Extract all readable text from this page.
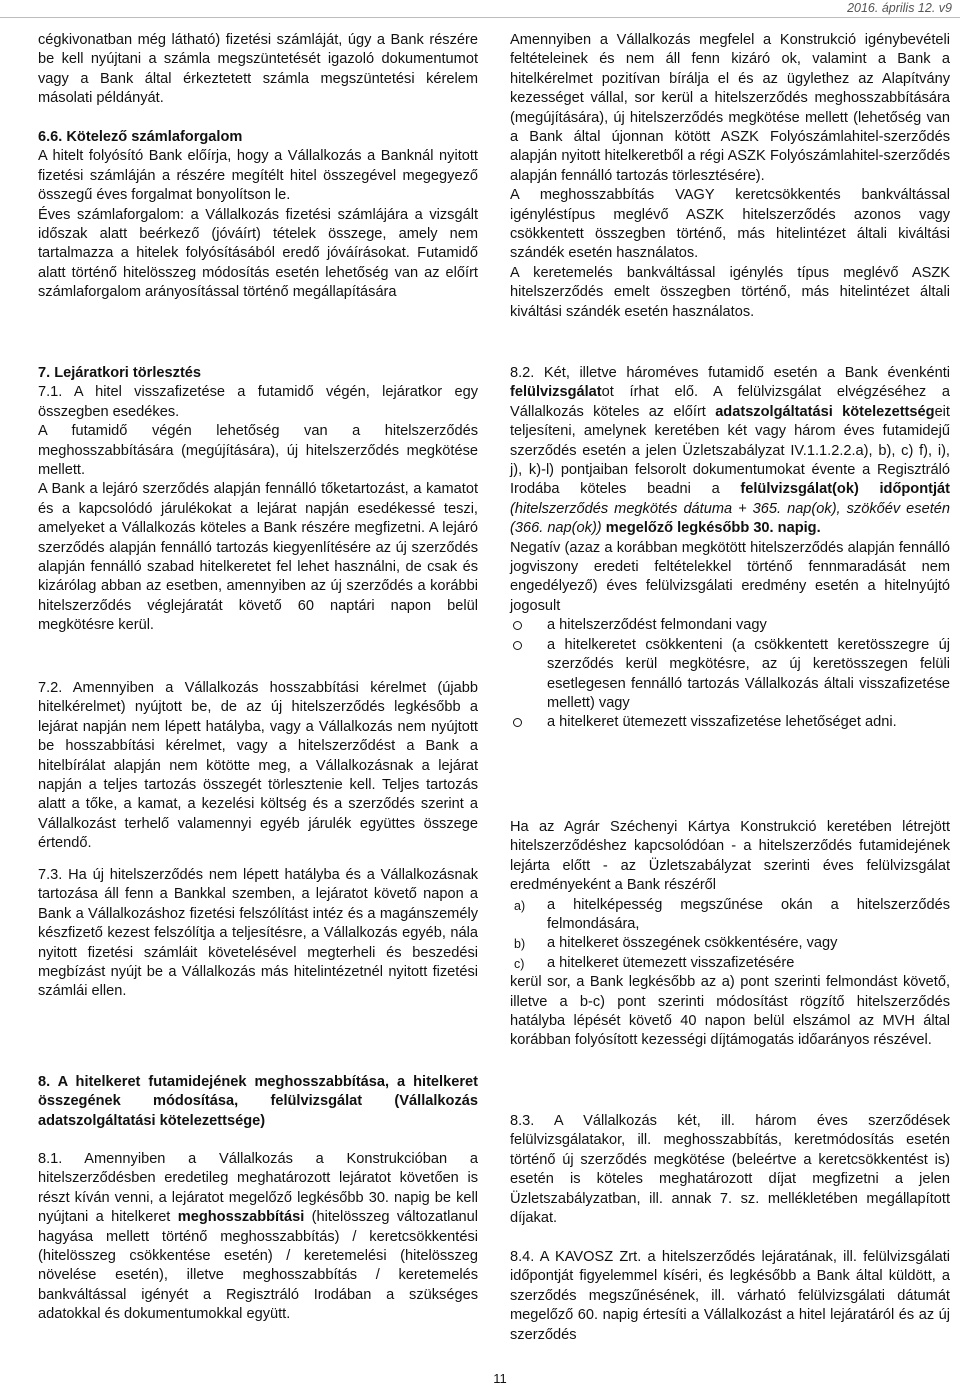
2016. április 12. v9

cégkivonatban még látható) fizetési számláját, úgy a Bank részére be kell nyújtani a számla megszüntetését igazoló dokumentumot vagy a Bank által érkeztetett számla megszüntetési kérelem másolati példányát.

6.6. Kötelező számlaforgalom

A hitelt folyósító Bank előírja, hogy a Vállalkozás a Banknál nyitott fizetési számláján a részére megítélt hitel összegével megegyező összegű éves forgalmat bonyolítson le.

Éves számlaforgalom: a Vállalkozás fizetési számlájára a vizsgált időszak alatt beérkező (jóváírt) tételek összege, amely nem tartalmazza a hitelek folyósításából eredő jóváírásokat. Futamidő alatt történő hitelösszeg módosítás esetén lehetőség van az előírt számlaforgalom arányosítással történő megállapítására

7. Lejáratkori törlesztés

7.1. A hitel visszafizetése a futamidő végén, lejáratkor egy összegben esedékes.

A futamidő végén lehetőség van a hitelszerződés meghosszabbítására (megújítására), új hitelszerződés megkötése mellett.

A Bank a lejáró szerződés alapján fennálló tőketartozást, a kamatot és a kapcsolódó járulékokat a lejárat napján esedékessé teszi, amelyeket a Vállalkozás köteles a Bank részére megfizetni. A lejáró szerződés alapján fennálló tartozás kiegyenlítésére az új szerződés alapján fennálló szabad hitelkeretet fel lehet használni, de csak és kizárólag abban az esetben, amennyiben az új szerződés a korábbi hitelszerződés véglejáratát követő 60 naptári napon belül megkötésre kerül.

7.2. Amennyiben a Vállalkozás hosszabbítási kérelmet (újabb hitelkérelmet) nyújtott be, de az új hitelszerződés legkésőbb a lejárat napján nem lépett hatályba, vagy a Vállalkozás nem nyújtott be hosszabbítási kérelmet, vagy a hitelszerződést a Bank a hitelbírálat alapján nem kötötte meg, a Vállalkozásnak a lejárat napján a teljes tartozás összegét törlesztenie kell. Teljes tartozás alatt a tőke, a kamat, a kezelési költség és a szerződés szerint a Vállalkozást terhelő valamennyi egyéb járulék együttes összege értendő.

7.3. Ha új hitelszerződés nem lépett hatályba és a Vállalkozásnak tartozása áll fenn a Bankkal szemben, a lejáratot követő napon a Bank a Vállalkozáshoz fizetési felszólítást intéz és a magánszemély készfizető kezest felszólítja a teljesítésre, a Vállalkozás egyéb, nála nyitott fizetési számláit követelésével megterheli és beszedési megbízást nyújt be a Vállalkozás más hitelintézetnél nyitott fizetési számlái ellen.

8. A hitelkeret futamidejének meghosszabbítása, a hitelkeret összegének módosítása, felülvizsgálat (Vállalkozás adatszolgáltatási kötelezettsége)

8.1. Amennyiben a Vállalkozás a Konstrukcióban a hitelszerződésben eredetileg meghatározott lejáratot követően is részt kíván venni, a lejáratot megelőző legkésőbb 30. napig be kell nyújtani a hitelkeret meghosszabbítási (hitelösszeg változatlanul hagyása mellett történő meghosszabbítás) / keretcsökkentési (hitelösszeg csökkentése esetén) / keretemelési (hitelösszeg növelése esetén), illetve meghosszabbítás / keretemelés bankváltással igényét a Regisztráló Irodában a szükséges adatokkal és dokumentumokkal együtt.

Amennyiben a Vállalkozás megfelel a Konstrukció igénybevételi feltételeinek és nem áll fenn kizáró ok, valamint a Bank a hitelkérelmet pozitívan bírálja el és az ügylethez az Alapítvány kezességet vállal, sor kerül a hitelszerződés meghosszabbítására (megújítására), új hitelszerződés megkötése mellett (lehetőség van a Bank által újonnan kötött ASZK Folyószámlahitel-szerződés alapján nyitott hitelkeretből a régi ASZK Folyószámlahitel-szerződés alapján fennálló tartozás törlesztésére).

A meghosszabbítás VAGY keretcsökkentés bankváltással igényléstípus meglévő ASZK hitelszerződés azonos vagy csökkentett összegben történő, más hitelintézet általi kiváltási szándék esetén használatos.

A keretemelés bankváltással igénylés típus meglévő ASZK hitelszerződés emelt összegben történő, más hitelintézet általi kiváltási szándék esetén használatos.

8.2. Két, illetve hároméves futamidő esetén a Bank évenkénti felülvizsgálatot írhat elő. A felülvizsgálat elvégzéséhez a Vállalkozás köteles az előírt adatszolgáltatási kötelezettségeit teljesíteni, amelynek keretében két vagy három éves futamidejű szerződés esetén a jelen Üzletszabályzat IV.1.1.2.2.a), b), c) f), i), j), k)-l) pontjaiban felsorolt dokumentumokat évente a Regisztráló Irodába köteles beadni a felülvizsgálat(ok) időpontját (hitelszerződés megkötés dátuma + 365. nap(ok), szökőév esetén (366. nap(ok)) megelőző legkésőbb 30. napig.

Negatív (azaz a korábban megkötött hitelszerződés alapján fennálló jogviszony eredeti feltételekkel történő fennmaradását nem engedélyező) éves felülvizsgálati eredmény esetén a hitelnyújtó jogosult

a hitelszerződést felmondani vagy
a hitelkeretet csökkenteni (a csökkentett keretösszegre új szerződés kerül megkötésre, az új keretösszegen felüli esetlegesen fennálló tartozás Vállalkozás általi visszafizetése mellett) vagy
a hitelkeret ütemezett visszafizetése lehetőséget adni.

Ha az Agrár Széchenyi Kártya Konstrukció keretében létrejött hitelszerződéshez kapcsolódóan - a hitelszerződés futamidejének lejárta előtt - az Üzletszabályzat szerinti éves felülvizsgálat eredményeként a Bank részéről

a) a hitelképesség megszűnése okán a hitelszerződés felmondására,
b) a hitelkeret összegének csökkentésére, vagy
c) a hitelkeret ütemezett visszafizetésére

kerül sor, a Bank legkésőbb az a) pont szerinti felmondást követő, illetve a b-c) pont szerinti módosítást rögzítő hitelszerződés hatályba lépését követő 40 napon belül elszámol az MVH által korábban folyósított kezességi díjtámogatás időarányos részével.

8.3. A Vállalkozás két, ill. három éves szerződések felülvizsgálatakor, ill. meghosszabbítás, keretmódosítás esetén történő új szerződés megkötése (beleértve a keretcsökkentést is) esetén is köteles meghatározott díjat megfizetni a jelen Üzletszabályzatban, ill. annak 7. sz. mellékletében megállapított díjakat.

8.4. A KAVOSZ Zrt. a hitelszerződés lejáratának, ill. felülvizsgálati időpontját figyelemmel kíséri, és legkésőbb a Bank által küldött, a szerződés megszűnésének, ill. várható felülvizsgálati dátumát megelőző 60. napig értesíti a Vállalkozást a hitel lejáratáról és az új szerződés

11
